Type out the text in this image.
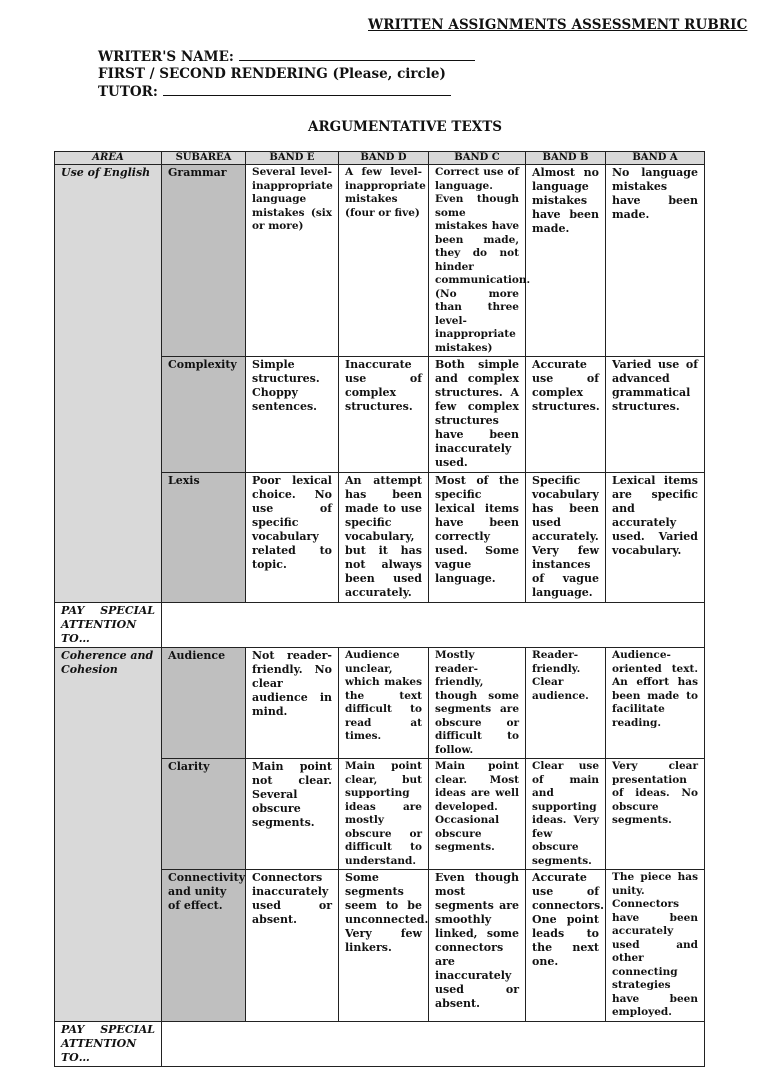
WRITTEN ASSIGNMENTS ASSESSMENT RUBRIC
WRITER'S NAME:
FIRST / SECOND RENDERING (Please, circle)
TUTOR:
ARGUMENTATIVE TEXTS
AREA	SUBAREA	BAND E	BAND D	BAND C	BAND B	BAND A
Use of English	Grammar	Several level-inappropriate language mistakes (six or more)	A few level-inappropriate mistakes (four or five)	Correct use of language. Even though some mistakes have been made, they do not hinder communication. (No more than three level-inappropriate mistakes)	Almost no language mistakes have been made.	No language mistakes have been made.
	Complexity	Simple structures. Choppy sentences.	Inaccurate use of complex structures.	Both simple and complex structures. A few complex structures have been inaccurately used.	Accurate use of complex structures.	Varied use of advanced grammatical structures.
	Lexis	Poor lexical choice. No use of specific vocabulary related to topic.	An attempt has been made to use specific vocabulary, but it has not always been used accurately.	Most of the specific lexical items have been correctly used. Some vague language.	Specific vocabulary has been used accurately. Very few instances of vague language.	Lexical items are specific and accurately used. Varied vocabulary.
PAY SPECIAL ATTENTION TO…						
Coherence and Cohesion	Audience	Not reader-friendly. No clear audience in mind.	Audience unclear, which makes the text difficult to read at times.	Mostly reader-friendly, though some segments are obscure or difficult to follow.	Reader-friendly. Clear audience.	Audience-oriented text. An effort has been made to facilitate reading.
	Clarity	Main point not clear. Several obscure segments.	Main point clear, but supporting ideas are mostly obscure or difficult to understand.	Main point clear. Most ideas are well developed. Occasional obscure segments.	Clear use of main and supporting ideas. Very few obscure segments.	Very clear presentation of ideas. No obscure segments.
	Connectivity and unity of effect.	Connectors inaccurately used or absent.	Some segments seem to be unconnected. Very few linkers.	Even though most segments are smoothly linked, some connectors are inaccurately used or absent.	Accurate use of connectors. One point leads to the next one.	The piece has unity. Connectors have been accurately used and other connecting strategies have been employed.
PAY SPECIAL ATTENTION TO…						
